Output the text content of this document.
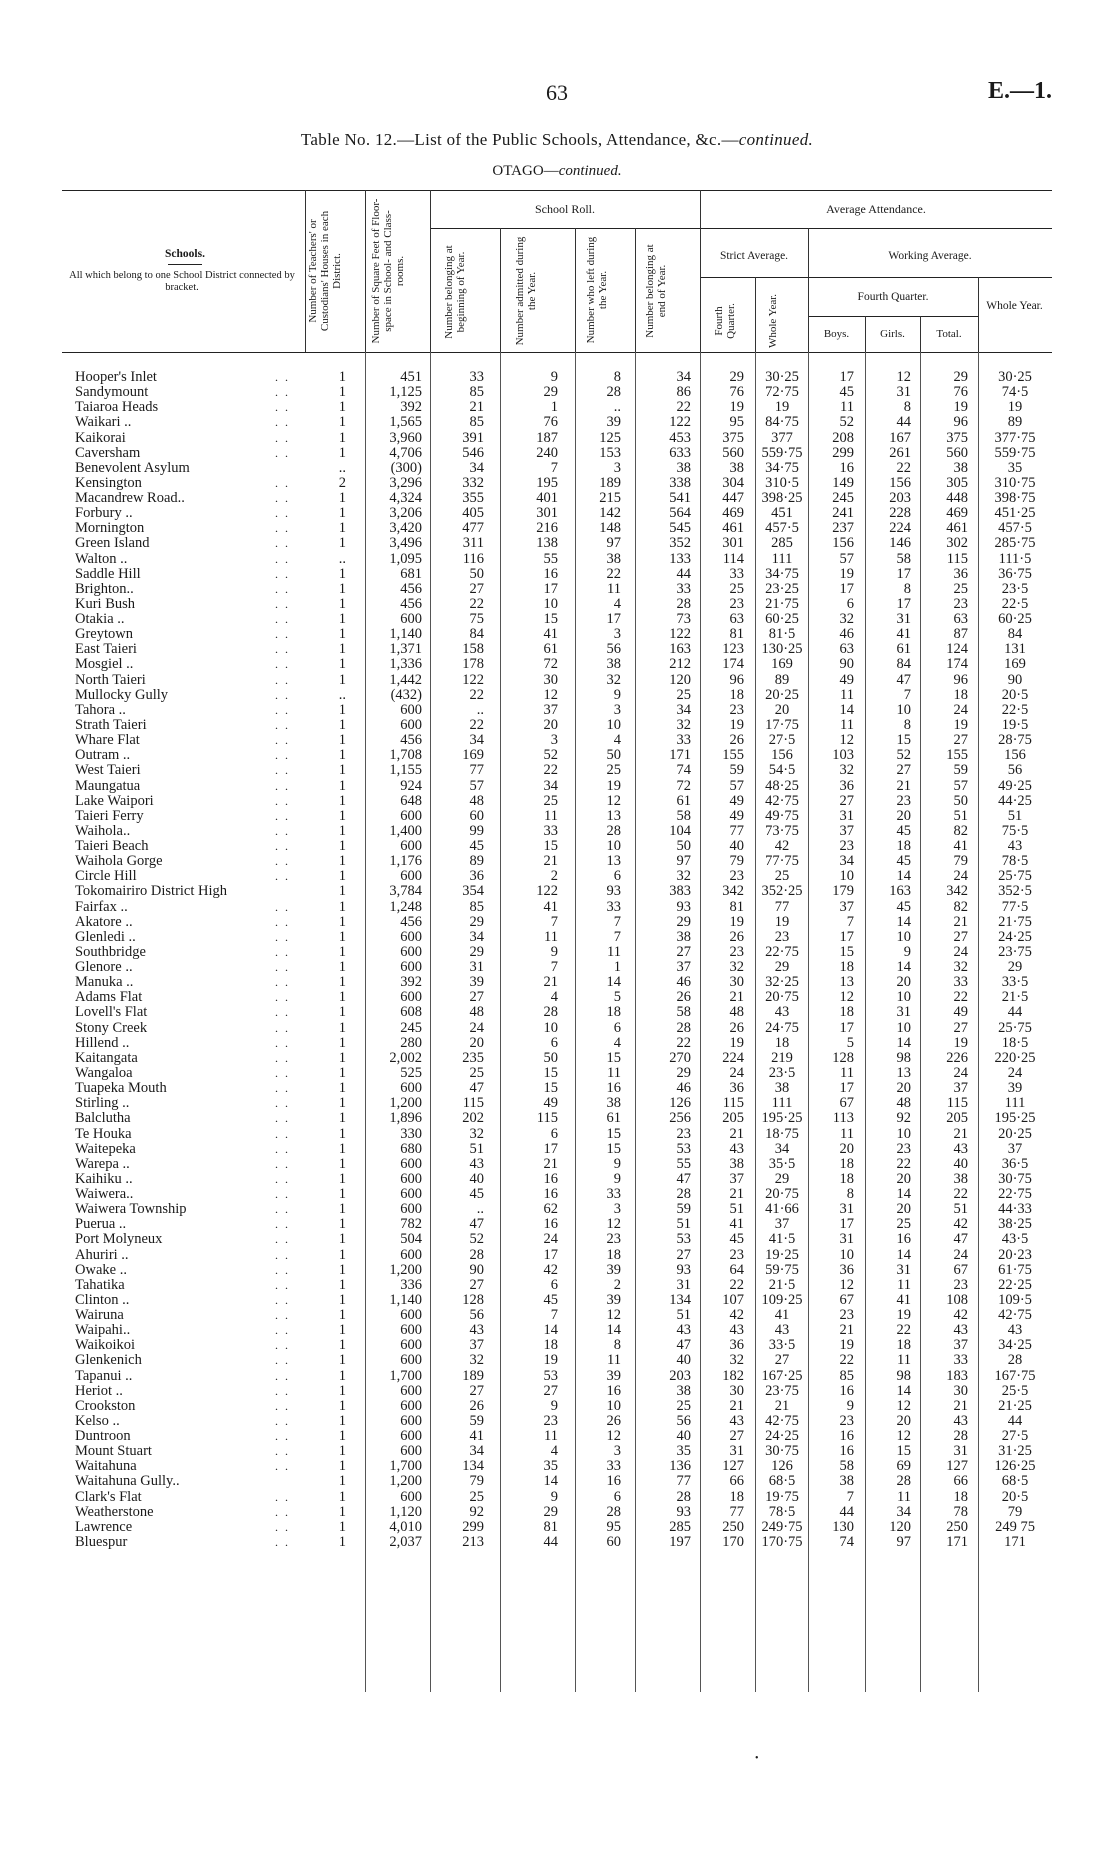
63	E.—1.
Table No. 12.—List of the Public Schools, Attendance, &c.—continued.
OTAGO—continued.
Schools.
All which belong to one School District connected by bracket.	Number of Teachers' or Custodians' Houses in each District.	Number of Square Feet of Floor-space in School- and Class-rooms.
School Roll.
Number belonging at beginning of Year.	Number admitted during the Year.	Number who left during the Year.	Number belonging at end of Year.
Average Attendance.
Strict Average.	Working Average.
Fourth Quarter.	Whole Year.	Fourth Quarter.
Boys.	Girls.	Total.
Whole Year.
Hooper's Inlet	. .	1	451	33	9	8	34	29	30·25	17	12	29	30·25
Sandymount	. .	1	1,125	85	29	28	86	76	72·75	45	31	76	74·5
Taiaroa Heads	. .	1	392	21	1	..	22	19	19	11	8	19	19
Waikari ..	. .	1	1,565	85	76	39	122	95	84·75	52	44	96	89
Kaikorai	. .	1	3,960	391	187	125	453	375	377	208	167	375	377·75
Caversham	. .	1	4,706	546	240	153	633	560 559·75	299	261	560	559·75
Benevolent Asylum	..	(300)	34	7	3	38	38	34·75	16	22	38	35
Kensington	. .	2	3,296	332	195	189	338	304	310·5	149	156	305	310·75
Macandrew Road..	. .	1	4,324	355	401	215	541	447 398·25	245	203	448	398·75
Forbury ..	. .	1	3,206	405	301	142	564	469	451	241	228	469	451·25
Mornington	. .	1	3,420	477	216	148	545	461	457·5	237	224	461	457·5
Green Island	. .	1	3,496	311	138	97	352	301	285	156	146	302	285·75
Walton ..	. .	..	1,095	116	55	38	133	114	111	57	58	115	111·5
Saddle Hill	. .	1	681	50	16	22	44	33	34·75	19	17	36	36·75
Brighton..	. .	1	456	27	17	11	33	25	23·25	17	8	25	23·5
Kuri Bush	. .	1	456	22	10	4	28	23	21·75	6	17	23	22·5
Otakia ..	. .	1	600	75	15	17	73	63	60·25	32	31	63	60·25
Greytown	. .	1	1,140	84	41	3	122	81	81·5	46	41	87	84
East Taieri	. .	1	1,371	158	61	56	163	123 130·25	63	61	124	131
Mosgiel ..	. .	1	1,336	178	72	38	212	174	169	90	84	174	169
North Taieri	. .	1	1,442	122	30	32	120	96	89	49	47	96	90
Mullocky Gully	. .	..	(432)	22	12	9	25	18	20·25	11	7	18	20·5
Tahora ..	. .	1	600	..	37	3	34	23	20	14	10	24	22·5
Strath Taieri	. .	1	600	22	20	10	32	19	17·75	11	8	19	19·5
Whare Flat	. .	1	456	34	3	4	33	26	27·5	12	15	27	28·75
Outram ..	. .	1	1,708	169	52	50	171	155	156	103	52	155	156
West Taieri	. .	1	1,155	77	22	25	74	59	54·5	32	27	59	56
Maungatua	. .	1	924	57	34	19	72	57	48·25	36	21	57	49·25
Lake Waipori	. .	1	648	48	25	12	61	49	42·75	27	23	50	44·25
Taieri Ferry	. .	1	600	60	11	13	58	49	49·75	31	20	51	51
Waihola..	. .	1	1,400	99	33	28	104	77	73·75	37	45	82	75·5
Taieri Beach	. .	1	600	45	15	10	50	40	42	23	18	41	43
Waihola Gorge	. .	1	1,176	89	21	13	97	79	77·75	34	45	79	78·5
Circle Hill	. .	1	600	36	2	6	32	23	25	10	14	24	25·75
Tokomairiro District High	1	3,784	354	122	93	383	342 352·25	179	163	342	352·5
Fairfax ..	. .	1	1,248	85	41	33	93	81	77	37	45	82	77·5
Akatore ..	. .	1	456	29	7	7	29	19	19	7	14	21	21·75
Glenledi ..	. .	1	600	34	11	7	38	26	23	17	10	27	24·25
Southbridge	. .	1	600	29	9	11	27	23	22·75	15	9	24	23·75
Glenore ..	. .	1	600	31	7	1	37	32	29	18	14	32	29
Manuka ..	. .	1	392	39	21	14	46	30	32·25	13	20	33	33·5
Adams Flat	. .	1	600	27	4	5	26	21	20·75	12	10	22	21·5
Lovell's Flat	. .	1	608	48	28	18	58	48	43	18	31	49	44
Stony Creek	. .	1	245	24	10	6	28	26	24·75	17	10	27	25·75
Hillend ..	. .	1	280	20	6	4	22	19	18	5	14	19	18·5
Kaitangata	. .	1	2,002	235	50	15	270	224	219	128	98	226	220·25
Wangaloa	. .	1	525	25	15	11	29	24	23·5	11	13	24	24
Tuapeka Mouth	. .	1	600	47	15	16	46	36	38	17	20	37	39
Stirling ..	. .	1	1,200	115	49	38	126	115	111	67	48	115	111
Balclutha	. .	1	1,896	202	115	61	256	205 195·25	113	92	205	195·25
Te Houka	. .	1	330	32	6	15	23	21	18·75	11	10	21	20·25
Waitepeka	. .	1	680	51	17	15	53	43	34	20	23	43	37
Warepa ..	. .	1	600	43	21	9	55	38	35·5	18	22	40	36·5
Kaihiku ..	. .	1	600	40	16	9	47	37	29	18	20	38	30·75
Waiwera..	. .	1	600	45	16	33	28	21	20·75	8	14	22	22·75
Waiwera Township	. .	1	600	..	62	3	59	51	41·66	31	20	51	44·33
Puerua ..	. .	1	782	47	16	12	51	41	37	17	25	42	38·25
Port Molyneux	. .	1	504	52	24	23	53	45	41·5	31	16	47	43·5
Ahuriri ..	. .	1	600	28	17	18	27	23	19·25	10	14	24	20·23
Owake ..	. .	1	1,200	90	42	39	93	64	59·75	36	31	67	61·75
Tahatika	. .	1	336	27	6	2	31	22	21·5	12	11	23	22·25
Clinton ..	. .	1	1,140	128	45	39	134	107 109·25	67	41	108	109·5
Wairuna	. .	1	600	56	7	12	51	42	41	23	19	42	42·75
Waipahi..	. .	1	600	43	14	14	43	43	43	21	22	43	43
Waikoikoi	. .	1	600	37	18	8	47	36	33·5	19	18	37	34·25
Glenkenich	. .	1	600	32	19	11	40	32	27	22	11	33	28
Tapanui ..	. .	1	1,700	189	53	39	203	182 167·25	85	98	183	167·75
Heriot ..	. .	1	600	27	27	16	38	30	23·75	16	14	30	25·5
Crookston	. .	1	600	26	9	10	25	21	21	9	12	21	21·25
Kelso ..	. .	1	600	59	23	26	56	43	42·75	23	20	43	44
Duntroon	. .	1	600	41	11	12	40	27	24·25	16	12	28	27·5
Mount Stuart	. .	1	600	34	4	3	35	31	30·75	16	15	31	31·25
Waitahuna	. .	1	1,700	134	35	33	136	127	126	58	69	127	126·25
Waitahuna Gully..	1	1,200	79	14	16	77	66	68·5	38	28	66	68·5
Clark's Flat	. .	1	600	25	9	6	28	18	19·75	7	11	18	20·5
Weatherstone	. .	1	1,120	92	29	28	93	77	78·5	44	34	78	79
Lawrence	. .	1	4,010	299	81	95	285	250 249·75	130	120	250	249 75
Bluespur	. .	1	2,037	213	44	60	197	170 170·75	74	97	171	171
•
